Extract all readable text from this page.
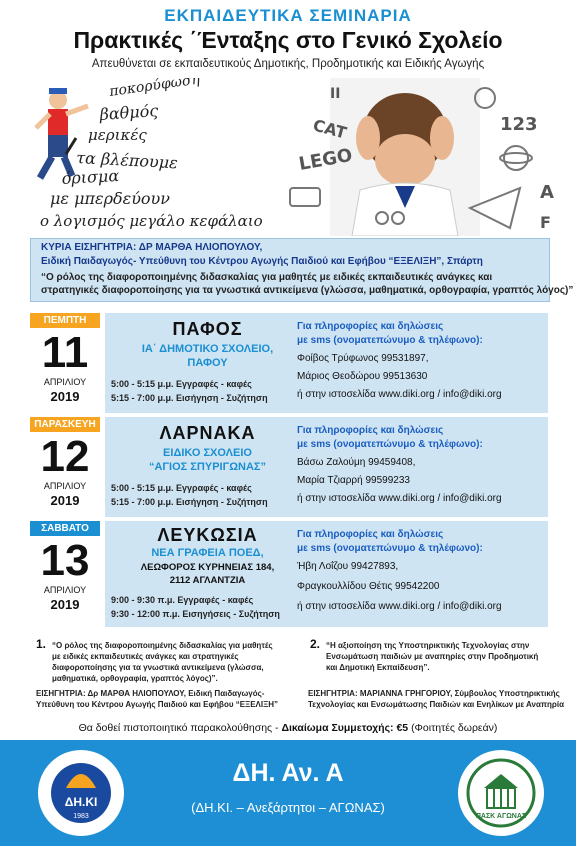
ΕΚΠΑΙΔΕΥΤΙΚΑ ΣΕΜΙΝΑΡΙΑ
Πρακτικές ΄Ένταξης στο Γενικό Σχολείο
Απευθύνεται σε εκπαιδευτικούς Δημοτικής, Προδημοτικής και Ειδικής Αγωγής
ποκορύφωση
βαθμός
μερικές
τα βλέπουμε
όρισμα
με μπερδεύουν
ο λογισμός μεγάλο κεφάλαιο
CAT
LEGO
123
A
F
II
ΚΥΡΙΑ ΕΙΣΗΓΗΤΡΙΑ: ΔΡ ΜΑΡΘΑ ΗΛΙΟΠΟΥΛΟΥ,
Ειδική Παιδαγωγός- Υπεύθυνη του Κέντρου Αγωγής Παιδιού και Εφήβου “ΕΞΕΛΙΞΗ”, Σπάρτη
“Ο ρόλος της διαφοροποιημένης διδασκαλίας για μαθητές με ειδικές εκπαιδευτικές ανάγκες και
στρατηγικές διαφοροποίησης για τα γνωστικά αντικείμενα (γλώσσα, μαθηματικά, ορθογραφία, γραπτός λόγος)”
ΠΕΜΠΤΗ
11
ΑΠΡΙΛΙΟΥ
2019
ΠΑΦΟΣ
ΙΑ΄ ΔΗΜΟΤΙΚΟ ΣΧΟΛΕΙΟ,
ΠΑΦΟΥ
5:00 - 5:15 μ.μ. Εγγραφές - καφές
5:15 - 7:00 μ.μ. Εισήγηση - Συζήτηση
Για πληροφορίες και δηλώσεις
με sms (ονοματεπώνυμο & τηλέφωνο):
Φοίβος Τρύφωνος 99531897,
Μάριος Θεοδώρου 99513630
ή στην ιστοσελίδα www.diki.org / info@diki.org
ΠΑΡΑΣΚΕΥΗ
12
ΑΠΡΙΛΙΟΥ
2019
ΛΑΡΝΑΚΑ
ΕΙΔΙΚΟ ΣΧΟΛΕΙΟ
“ΑΓΙΟΣ ΣΠΥΡΙΓΩΝΑΣ”
5:00 - 5:15 μ.μ. Εγγραφές - καφές
5:15 - 7:00 μ.μ. Εισήγηση - Συζήτηση
Για πληροφορίες και δηλώσεις
με sms (ονοματεπώνυμο & τηλέφωνο):
Βάσω Ζαλούμη 99459408,
Μαρία Τζιαρρή 99599233
ή στην ιστοσελίδα www.diki.org / info@diki.org
ΣΑΒΒΑΤΟ
13
ΑΠΡΙΛΙΟΥ
2019
ΛΕΥΚΩΣΙΑ
ΝΕΑ ΓΡΑΦΕΙΑ ΠΟΕΔ,
ΛΕΩΦΟΡΟΣ ΚΥΡΗΝΕΙΑΣ 184,
2112 ΑΓΛΑΝΤΖΙΑ
9:00 - 9:30 π.μ. Εγγραφές - καφές
9:30 - 12:00 π.μ. Εισηγήσεις - Συζήτηση
Για πληροφορίες και δηλώσεις
με sms (ονοματεπώνυμο & τηλέφωνο):
Ήβη Λοΐζου 99427893,
Φραγκουλλίδου Θέτις 99542200
ή στην ιστοσελίδα www.diki.org / info@diki.org
1. “Ο ρόλος της διαφοροποιημένης διδασκαλίας για μαθητές
με ειδικές εκπαιδευτικές ανάγκες και στρατηγικές
διαφοροποίησης για τα γνωστικά αντικείμενα (γλώσσα,
μαθηματικά, ορθογραφία, γραπτός λόγος)”.
ΕΙΣΗΓΗΤΡΙΑ: Δρ ΜΑΡΘΑ ΗΛΙΟΠΟΥΛΟΥ, Ειδική Παιδαγωγός-
Υπεύθυνη του Κέντρου Αγωγής Παιδιού και Εφήβου “ΕΞΕΛΙΞΗ”
2. “Η αξιοποίηση της Υποστηρικτικής Τεχνολογίας στην
Ενσωμάτωση παιδιών με αναπηρίες στην Προδημοτική
και Δημοτική Εκπαίδευση”.
ΕΙΣΗΓΗΤΡΙΑ: ΜΑΡΙΑΝΝΑ ΓΡΗΓΟΡΙΟΥ, Σύμβουλος Υποστηρικτικής
Τεχνολογίας και Ενσωμάτωσης Παιδιών και Ενηλίκων με Αναπηρία
Θα δοθεί πιστοποιητικό παρακολούθησης - Δικαίωμα Συμμετοχής: €5 (Φοιτητές δωρεάν)
ΔΗ.ΚΙ
1983
ΔΗ. Αν. Α
(ΔΗ.ΚΙ. – Ανεξάρτητοι – ΑΓΩΝΑΣ)
ΠΑΣΚ ΑΓΩΝΑΣ
